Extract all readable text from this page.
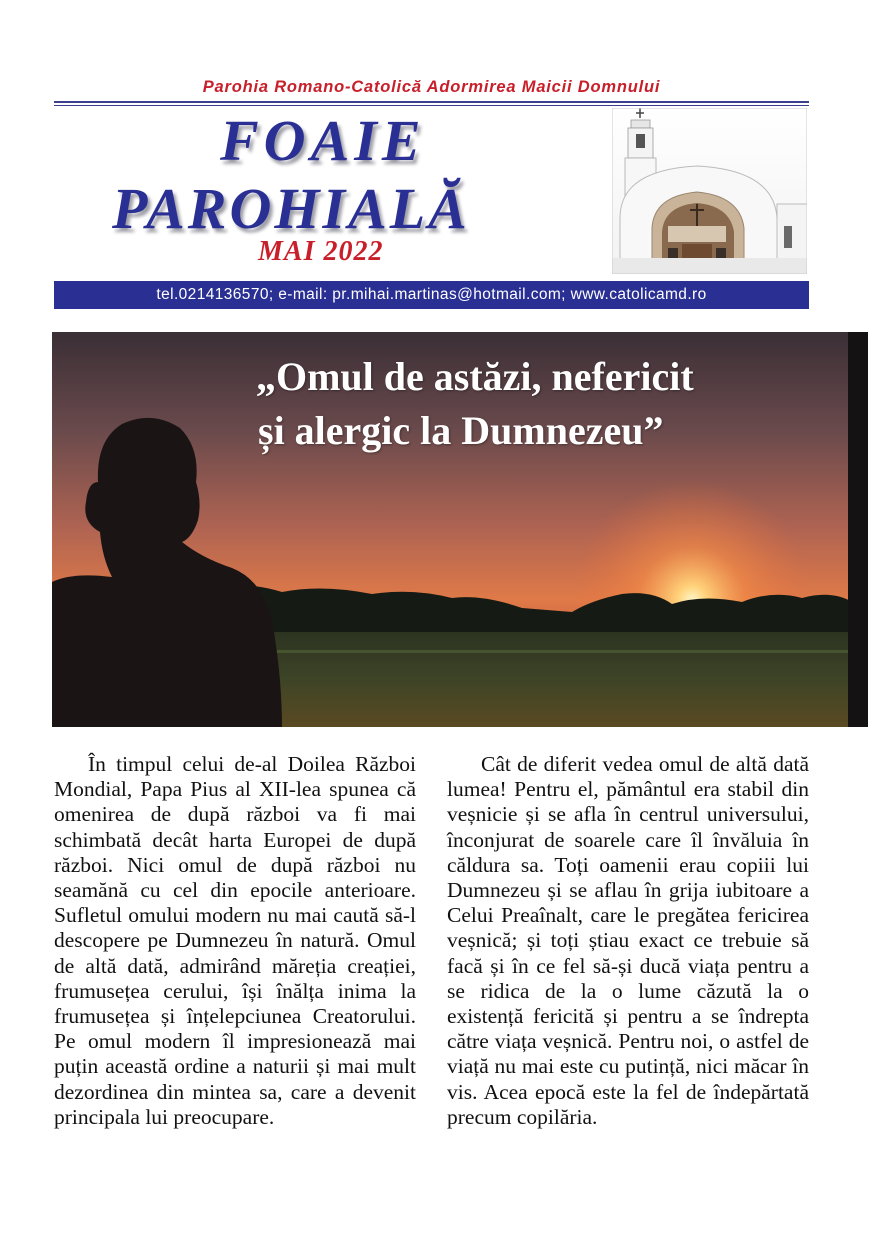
Parohia Romano-Catolică Adormirea Maicii Domnului
FOAIE
PAROHIALĂ
MAI 2022
tel.0214136570; e-mail: pr.mihai.martinas@hotmail.com; www.catolicamd.ro
„Omul de astăzi, nefericit
și alergic la Dumnezeu”

În timpul celui de-al Doilea Război Mondial, Papa Pius al XII-lea spunea că omenirea de după război va fi mai schimbată decât harta Europei de după război. Nici omul de după război nu seamănă cu cel din epocile anterioare. Sufletul omului modern nu mai caută să-l descopere pe Dumnezeu în natură. Omul de altă dată, admirând măreția creației, frumusețea cerului, își înălța inima la frumusețea și înțelepciunea Creatorului. Pe omul modern îl impresionează mai puțin această ordine a naturii și mai mult dezordinea din mintea sa, care a devenit principala lui preocupare.

Cât de diferit vedea omul de altă dată lumea! Pentru el, pământul era stabil din veșnicie și se afla în centrul universului, înconjurat de soarele care îl învăluia în căldura sa. Toți oamenii erau copiii lui Dumnezeu și se aflau în grija iubitoare a Celui Preaînalt, care le pregătea fericirea veșnică; și toți știau exact ce trebuie să facă și în ce fel să-și ducă viața pentru a se ridica de la o lume căzută la o existență fericită și pentru a se îndrepta către viața veșnică. Pentru noi, o astfel de viață nu mai este cu putință, nici măcar în vis. Acea epocă este la fel de îndepărtată precum copilăria.
